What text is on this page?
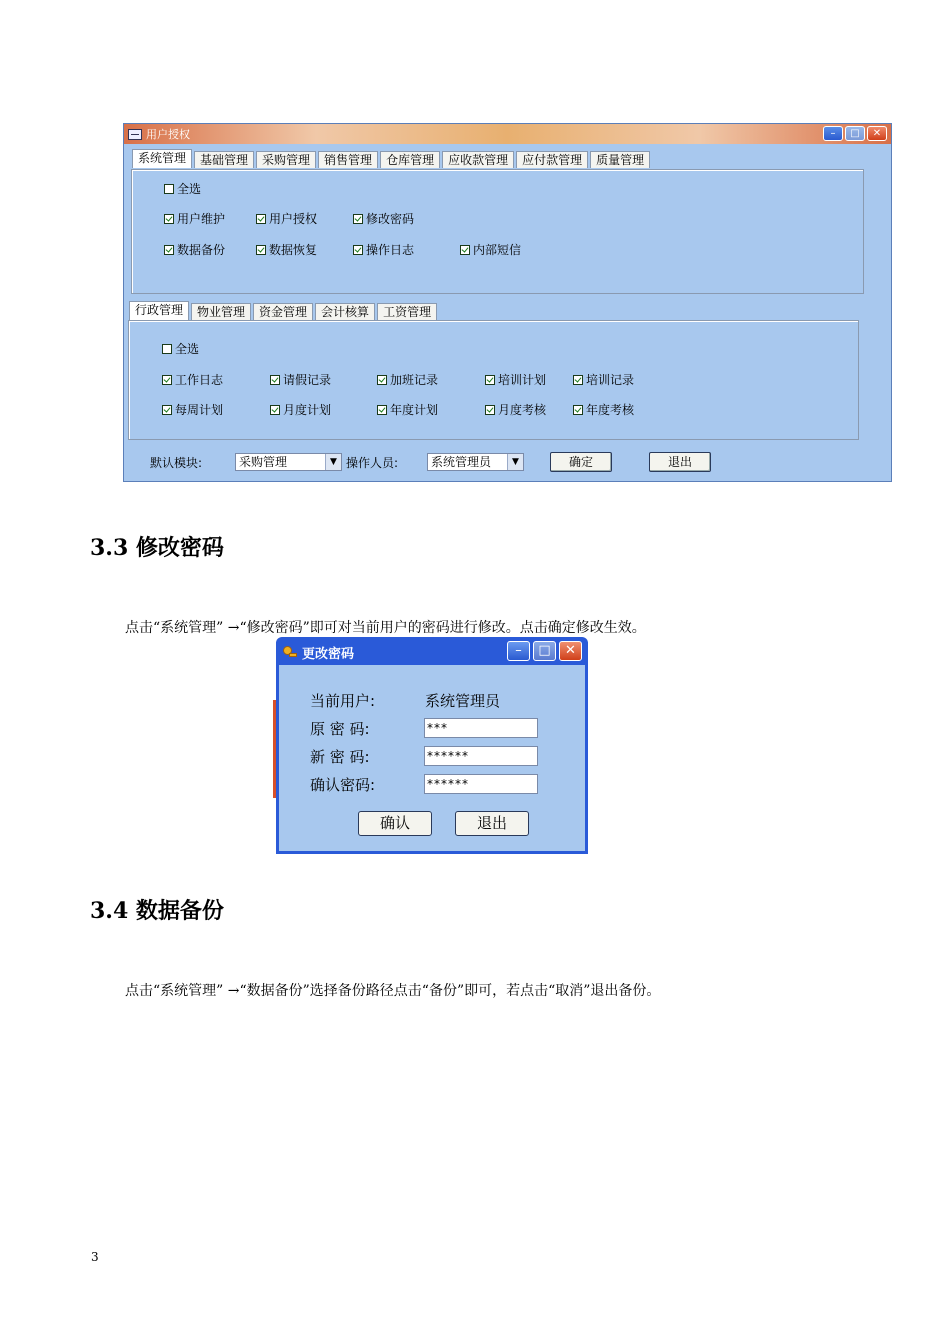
用户授权	–	□	✕
系统管理	基础管理	采购管理	销售管理	仓库管理	应收款管理	应付款管理	质量管理
全选
用户维护	用户授权	修改密码
数据备份	数据恢复	操作日志	内部短信
行政管理	物业管理	资金管理	会计核算	工资管理
全选
工作日志	请假记录	加班记录	培训计划	培训记录
每周计划	月度计划	年度计划	月度考核	年度考核
默认模块:	采购管理	▼ 操作人员:	系统管理员	▼	确定	退出
3.3 修改密码
点击“系统管理” →“修改密码”即可对当前用户的密码进行修改。点击确定修改生效。
更改密码	–	□	✕
当前用户:	系统管理员
原 密 码:	***
新 密 码:	******
确认密码:	******
确认	退出
3.4 数据备份
点击“系统管理” →“数据备份”选择备份路径点击“备份”即可，若点击“取消”退出备份。
3
